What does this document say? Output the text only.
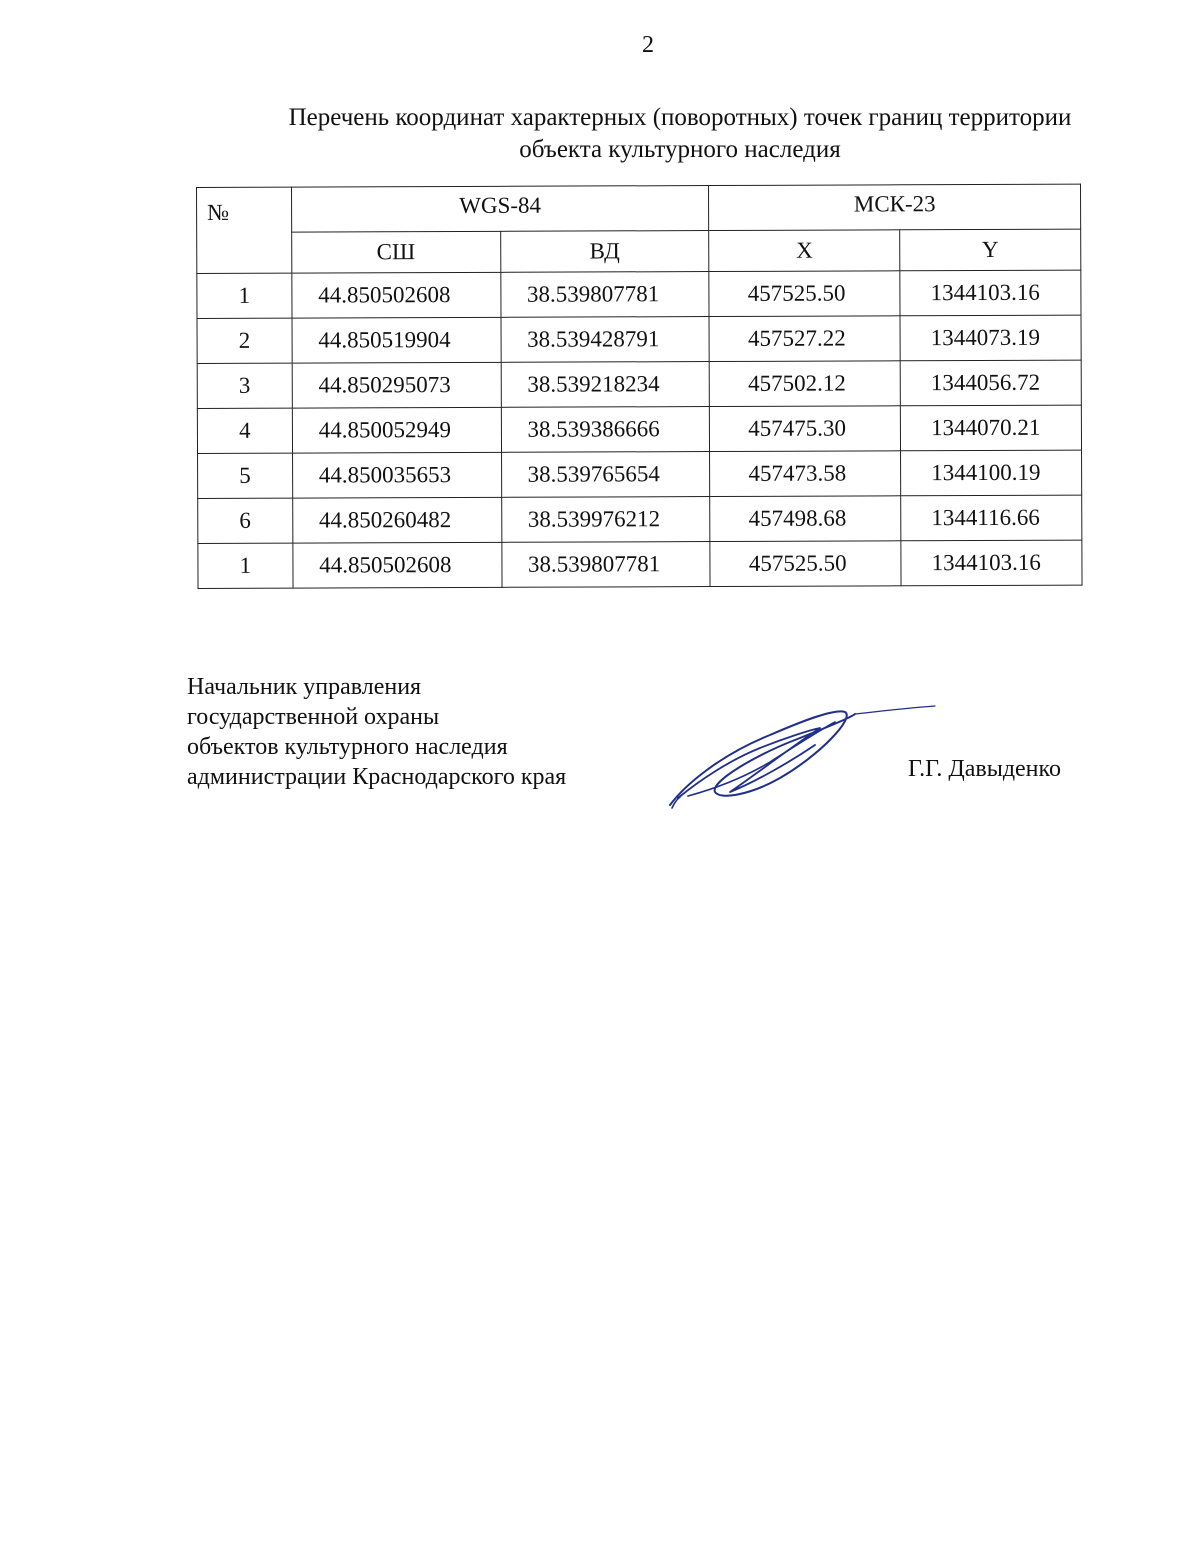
2
Перечень координат характерных (поворотных) точек границ территории
объекта культурного наследия
№	WGS-84		МСК-23	
	СШ	ВД	X	Y
1	44.850502608	38.539807781	457525.50	1344103.16
2	44.850519904	38.539428791	457527.22	1344073.19
3	44.850295073	38.539218234	457502.12	1344056.72
4	44.850052949	38.539386666	457475.30	1344070.21
5	44.850035653	38.539765654	457473.58	1344100.19
6	44.850260482	38.539976212	457498.68	1344116.66
1	44.850502608	38.539807781	457525.50	1344103.16
Начальник управления
государственной охраны
объектов культурного наследия
администрации Краснодарского края	Г.Г. Давыденко
